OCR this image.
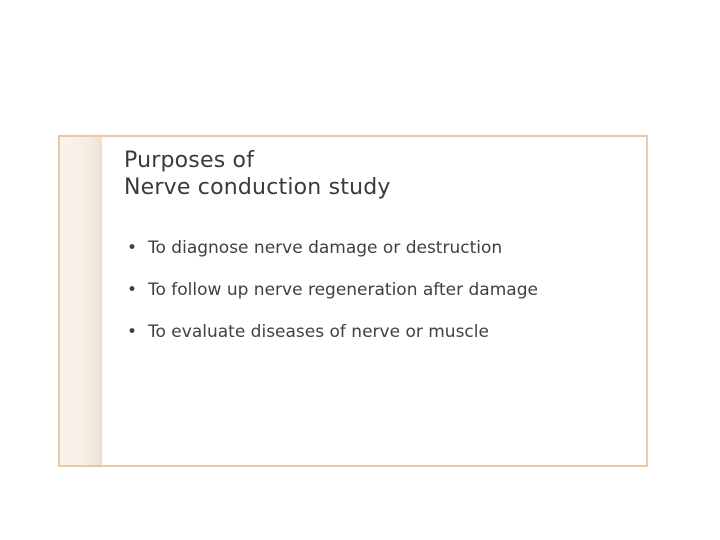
Purposes of
Nerve conduction study
• To diagnose nerve damage or destruction
• To follow up nerve regeneration after damage
• To evaluate diseases of nerve or muscle
